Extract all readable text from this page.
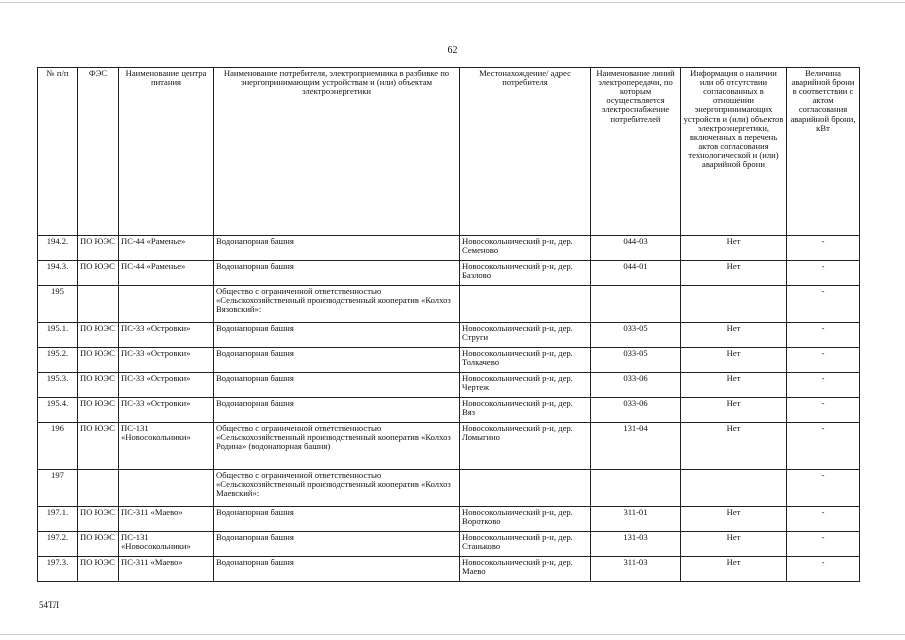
62
№ п/п	ФЭС	Наименование центра питания	Наименование потребителя, электроприемника в разбивке по энергопринимающим устройствам и (или) объектам электроэнергетики	Местонахождение/ адрес потребителя	Наименование линий электропередачи, по которым осуществляется электроснабжение потребителей	Информация о наличии или об отсутствии согласованных в отношении энергопринимающих устройств и (или) объектов электроэнергетики, включенных в перечень актов согласования технологической и (или) аварийной брони	Величина аварийной брони в соответствии с актом согласования аварийной брони, кВт
194.2.	ПО ЮЭС	ПС-44 «Раменье»	Водонапорная башня	Новосокольнический р-н, дер. Семеново	044-03	Нет	-
194.3.	ПО ЮЭС	ПС-44 «Раменье»	Водонапорная башня	Новосокольнический р-н, дер. Базлово	044-01	Нет	-
195			Общество с ограниченной ответственностью «Сельскохозяйственный производственный кооператив «Колхоз Вязовский»:				-
195.1.	ПО ЮЭС	ПС-33 «Островки»	Водонапорная башня	Новосокольнический р-н, дер. Струги	033-05	Нет	-
195.2.	ПО ЮЭС	ПС-33 «Островки»	Водонапорная башня	Новосокольнический р-н, дер. Толкачево	033-05	Нет	-
195.3.	ПО ЮЭС	ПС-33 «Островки»	Водонапорная башня	Новосокольнический р-н, дер. Чертеж	033-06	Нет	-
195.4.	ПО ЮЭС	ПС-33 «Островки»	Водонапорная башня	Новосокольнический р-н, дер. Вяз	033-06	Нет	-
196	ПО ЮЭС	ПС-131 «Новосокольники»	Общество с ограниченной ответственностью «Сельскохозяйственный производственный кооператив «Колхоз Родина» (водонапорная башня)	Новосокольнический р-н, дер. Ломыгино	131-04	Нет	-
197			Общество с ограниченной ответственностью «Сельскохозяйственный производственный кооператив «Колхоз Маевский»:				-
197.1.	ПО ЮЭС	ПС-311 «Маево»	Водонапорная башня	Новосокольнический р-н, дер. Воротково	311-01	Нет	-
197.2.	ПО ЮЭС	ПС-131 «Новосокольники»	Водонапорная башня	Новосокольнический р-н, дер. Станьково	131-03	Нет	-
197.3.	ПО ЮЭС	ПС-311 «Маево»	Водонапорная башня	Новосокольнический р-н, дер. Маево	311-03	Нет	-
54ТЛ
